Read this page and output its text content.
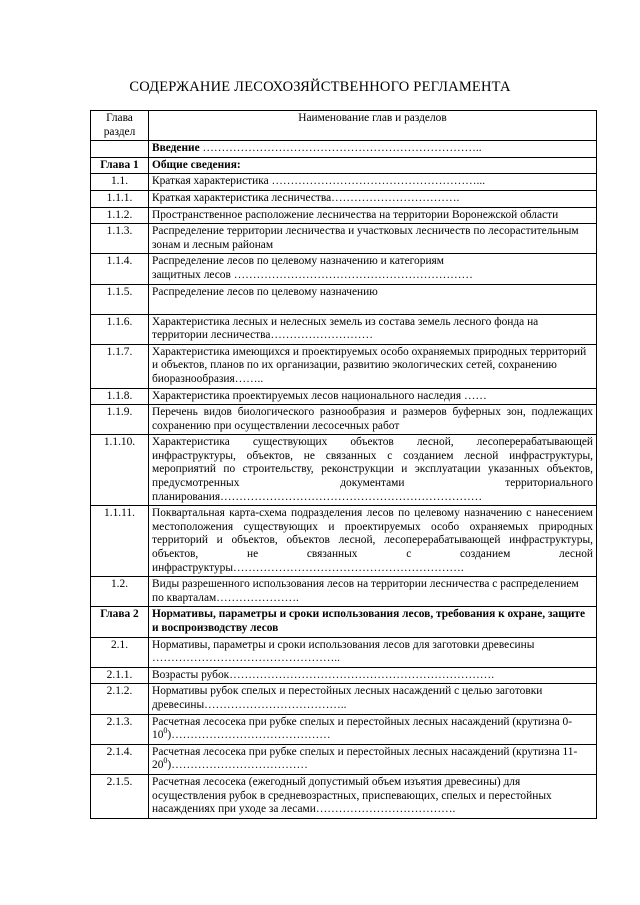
СОДЕРЖАНИЕ ЛЕСОХОЗЯЙСТВЕННОГО РЕГЛАМЕНТА
Глава
раздел	Наименование глав и разделов
	Введение ………………………………………………………………..
Глава 1	Общие сведения:
1.1.	Краткая характеристика ………………………………………………...
1.1.1.	Краткая характеристика лесничества…………………………….
1.1.2.	Пространственное расположение лесничества на территории Воронежской области
1.1.3.	Распределение территории лесничества и участковых лесничеств по лесорастительным зонам и лесным районам
1.1.4.	Распределение лесов по целевому назначению и категориям
защитных лесов ………………………………………………………
1.1.5.	Распределение лесов по целевому назначению
1.1.6.	Характеристика лесных и нелесных земель из состава земель лесного фонда на территории лесничества………………………
1.1.7.	Характеристика имеющихся и проектируемых особо охраняемых природных территорий и объектов, планов по их организации, развитию экологических сетей, сохранению биоразнообразия……..
1.1.8.	Характеристика проектируемых лесов национального наследия ……
1.1.9.	Перечень видов биологического разнообразия и размеров буферных зон, подлежащих сохранению при осуществлении лесосечных работ
1.1.10.	Характеристика существующих объектов лесной, лесоперерабатывающей инфраструктуры, объектов, не связанных с созданием лесной инфраструктуры, мероприятий по строительству, реконструкции и эксплуатации указанных объектов, предусмотренных документами территориального планирования……………………………………………………………
1.1.11.	Поквартальная карта-схема подразделения лесов по целевому назначению с нанесением местоположения существующих и проектируемых особо охраняемых природных территорий и объектов, объектов лесной, лесоперерабатывающей инфраструктуры, объектов, не связанных с созданием лесной инфраструктуры…………………………………………………….
1.2.	Виды разрешенного использования лесов на территории лесничества с распределением по кварталам………………….
Глава 2	Нормативы, параметры и сроки использования лесов, требования к охране, защите и воспроизводству лесов
2.1.	Нормативы, параметры и сроки использования лесов для заготовки древесины
…………………………………………..
2.1.1.	Возрасты рубок…………………………………………………………….
2.1.2.	Нормативы рубок спелых и перестойных лесных насаждений с целью заготовки древесины………………………………..
2.1.3.	Расчетная лесосека при рубке спелых и перестойных лесных насаждений (крутизна $0-10^0)\dots\dots\dots\dots\dots\dots\dots\dots\dots\dots\dots\dots\dots\dots$
2.1.4.	Расчетная лесосека при рубке спелых и перестойных лесных насаждений (крутизна $11-20^0)\dots\dots\dots\dots\dots\dots\dots\dots\dots\dots\dots\dots$
2.1.5.	Расчетная лесосека (ежегодный допустимый объем изъятия древесины) для осуществления рубок в средневозрастных, приспевающих, спелых и перестойных насаждениях при уходе за лесами……………………………….
